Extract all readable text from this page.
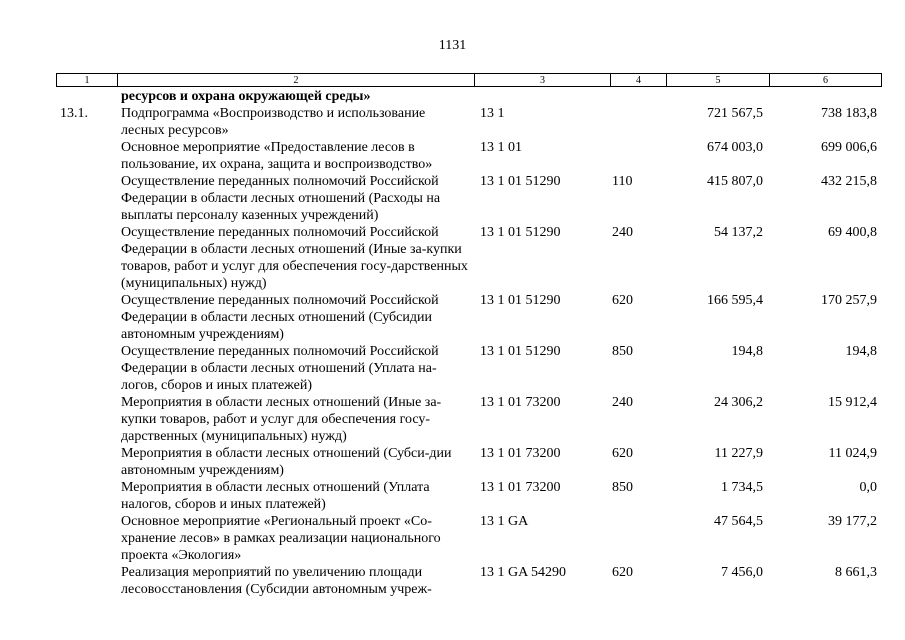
1131
1	2	3	4	5	6
	ресурсов и охрана окружающей среды»				
13.1.	Подпрограмма «Воспроизводство и использование лесных ресурсов»	13 1		721 567,5	738 183,8
	Основное мероприятие «Предоставление лесов в пользование, их охрана, защита и воспроизводство»	13 1 01		674 003,0	699 006,6
	Осуществление переданных полномочий Российской Федерации в области лесных отношений (Расходы на выплаты персоналу казенных учреждений)	13 1 01 51290	110	415 807,0	432 215,8
	Осуществление переданных полномочий Российской Федерации в области лесных отношений (Иные за-купки товаров, работ и услуг для обеспечения госу-дарственных (муниципальных) нужд)	13 1 01 51290	240	54 137,2	69 400,8
	Осуществление переданных полномочий Российской Федерации в области лесных отношений (Субсидии автономным учреждениям)	13 1 01 51290	620	166 595,4	170 257,9
	Осуществление переданных полномочий Российской Федерации в области лесных отношений (Уплата на-логов, сборов и иных платежей)	13 1 01 51290	850	194,8	194,8
	Мероприятия в области лесных отношений (Иные за-купки товаров, работ и услуг для обеспечения госу-дарственных (муниципальных) нужд)	13 1 01 73200	240	24 306,2	15 912,4
	Мероприятия в области лесных отношений (Субси-дии автономным учреждениям)	13 1 01 73200	620	11 227,9	11 024,9
	Мероприятия в области лесных отношений (Уплата налогов, сборов и иных платежей)	13 1 01 73200	850	1 734,5	0,0
	Основное мероприятие «Региональный проект «Со-хранение лесов» в рамках реализации национального проекта «Экология»	13 1 GA		47 564,5	39 177,2
	Реализация мероприятий по увеличению площади лесовосстановления (Субсидии автономным учреж-	13 1 GA 54290	620	7 456,0	8 661,3
